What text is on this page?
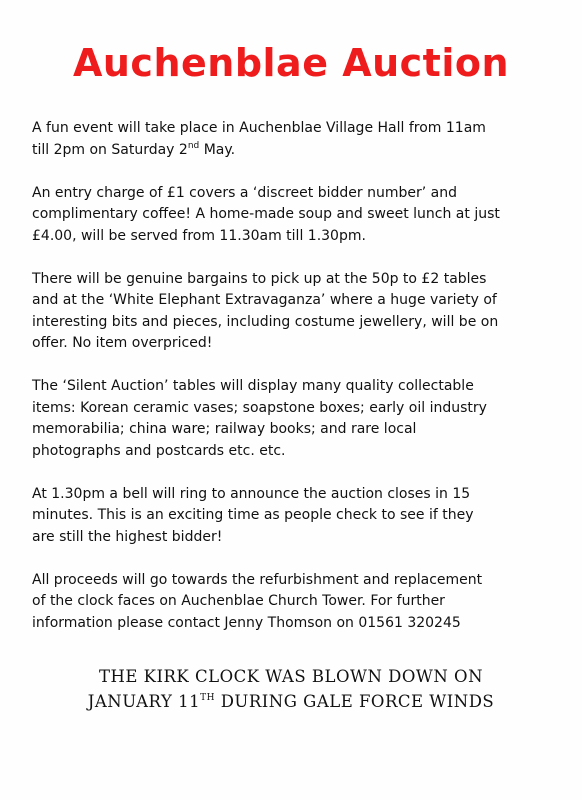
Auchenblae Auction

A fun event will take place in Auchenblae Village Hall from 11am
till 2pm on Saturday 2nd May.

An entry charge of £1 covers a ‘discreet bidder number’ and
complimentary coffee! A home-made soup and sweet lunch at just
£4.00, will be served from 11.30am till 1.30pm.

There will be genuine bargains to pick up at the 50p to £2 tables
and at the ‘White Elephant Extravaganza’ where a huge variety of
interesting bits and pieces, including costume jewellery, will be on
offer. No item overpriced!

The ‘Silent Auction’ tables will display many quality collectable
items: Korean ceramic vases; soapstone boxes; early oil industry
memorabilia; china ware; railway books; and rare local
photographs and postcards etc. etc.

At 1.30pm a bell will ring to announce the auction closes in 15
minutes. This is an exciting time as people check to see if they
are still the highest bidder!

All proceeds will go towards the refurbishment and replacement
of the clock faces on Auchenblae Church Tower. For further
information please contact Jenny Thomson on 01561 320245

THE KIRK CLOCK WAS BLOWN DOWN ON
JANUARY 11TH DURING GALE FORCE WINDS
